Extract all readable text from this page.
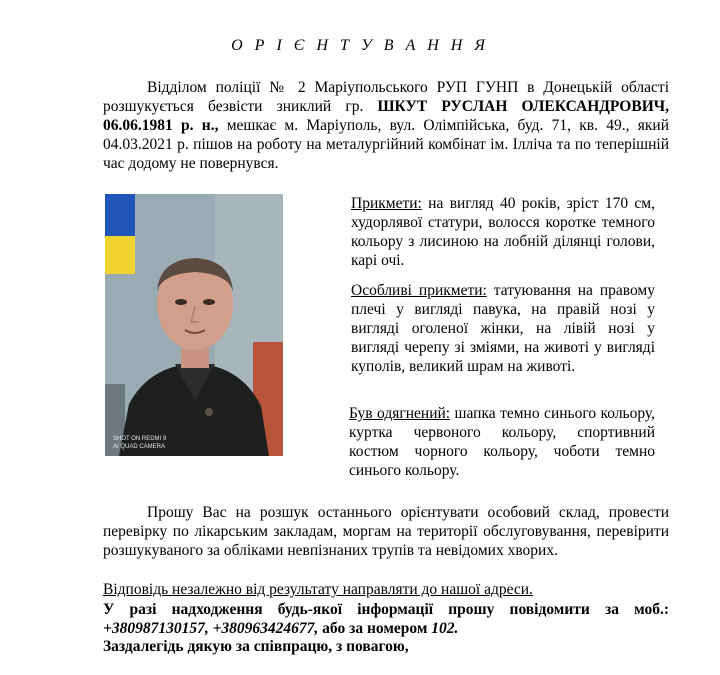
О Р І Є Н Т У В А Н Н Я
Відділом поліції № 2 Маріупольського РУП ГУНП в Донецькій області розшукується безвісти зниклий гр. ШКУТ РУСЛАН ОЛЕКСАНДРОВИЧ, 06.06.1981 р. н., мешкає м. Маріуполь, вул. Олімпійська, буд. 71, кв. 49., який 04.03.2021 р. пішов на роботу на металургійний комбінат ім. Ілліча та по теперішній час додому не повернувся.
SHOT ON REDMI 9
AI QUAD CAMERA
Прикмети: на вигляд 40 років, зріст 170 см, худорлявої статури, волосся коротке темного кольору з лисиною на лобній ділянці голови, карі очі.
Особливі прикмети: татуювання на правому плечі у вигляді павука, на правій нозі у вигляді оголеної жінки, на лівій нозі у вигляді черепу зі зміями, на животі у вигляді куполів, великий шрам на животі.
Був одягнений: шапка темно синього кольору, куртка червоного кольору, спортивний костюм чорного кольору, чоботи темно синього кольору.
Прошу Вас на розшук останнього орієнтувати особовий склад, провести перевірку по лікарським закладам, моргам на території обслуговування, перевірити розшукуваного за обліками невпізнаних трупів та невідомих хворих.
Відповідь незалежно від результату направляти до нашої адреси.
У разі надходження будь-якої інформації прошу повідомити за моб.: +380987130157, +380963424677, або за номером 102.
Заздалегідь дякую за співпрацю, з повагою,
